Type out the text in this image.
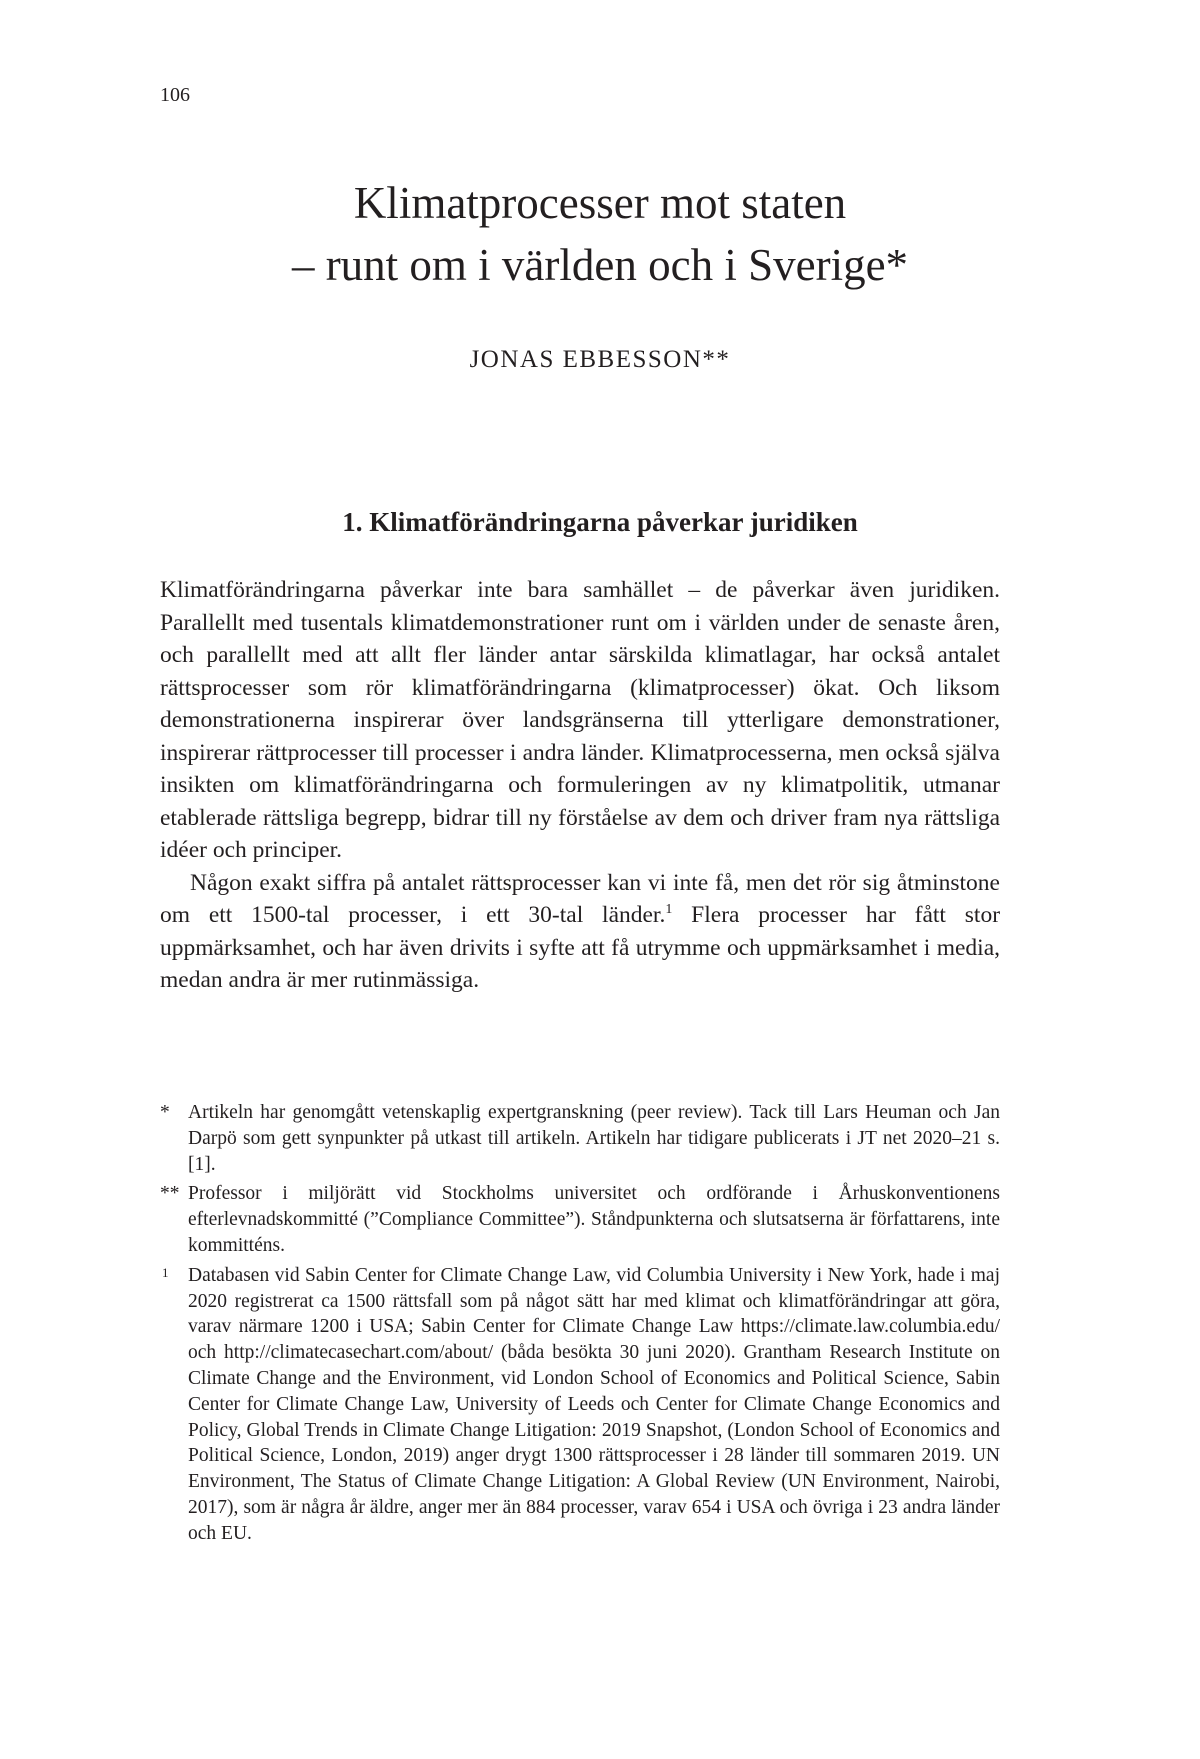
106
Klimatprocesser mot staten
– runt om i världen och i Sverige*
JONAS EBBESSON**
1. Klimatförändringarna påverkar juridiken

Klimatförändringarna påverkar inte bara samhället – de påverkar även juridiken. Parallellt med tusentals klimatdemonstrationer runt om i världen under de senaste åren, och parallellt med att allt fler länder antar särskilda klimatlagar, har också antalet rättsprocesser som rör klimatförändringarna (klimatprocesser) ökat. Och liksom demonstrationerna inspirerar över landsgränserna till ytterligare demonstrationer, inspirerar rättprocesser till processer i andra länder. Klimatprocesserna, men också själva insikten om klimatförändringarna och formuleringen av ny klimatpolitik, utmanar etablerade rättsliga begrepp, bidrar till ny förståelse av dem och driver fram nya rättsliga idéer och principer.

Någon exakt siffra på antalet rättsprocesser kan vi inte få, men det rör sig åtminstone om ett 1500-tal processer, i ett 30-tal länder.$^1$ Flera processer har fått stor uppmärksamhet, och har även drivits i syfte att få utrymme och uppmärksamhet i media, medan andra är mer rutinmässiga.

* Artikeln har genomgått vetenskaplig expertgranskning (peer review). Tack till Lars Heuman och Jan Darpö som gett synpunkter på utkast till artikeln. Artikeln har tidigare publicerats i JT net 2020–21 s. [1].
** Professor i miljörätt vid Stockholms universitet och ordförande i Århuskonventionens efterlevnadskommitté (”Compliance Committee”). Ståndpunkterna och slutsatserna är författarens, inte kommitténs.
1 Databasen vid Sabin Center for Climate Change Law, vid Columbia University i New York, hade i maj 2020 registrerat ca 1500 rättsfall som på något sätt har med klimat och klimatförändringar att göra, varav närmare 1200 i USA; Sabin Center for Climate Change Law https://climate.law.columbia.edu/ och http://climatecasechart.com/about/ (båda besökta 30 juni 2020). Grantham Research Institute on Climate Change and the Environment, vid London School of Economics and Political Science, Sabin Center for Climate Change Law, University of Leeds och Center for Climate Change Economics and Policy, Global Trends in Climate Change Litigation: 2019 Snapshot, (London School of Economics and Political Science, London, 2019) anger drygt 1300 rättsprocesser i 28 länder till sommaren 2019. UN Environment, The Status of Climate Change Litigation: A Global Review (UN Environment, Nairobi, 2017), som är några år äldre, anger mer än 884 processer, varav 654 i USA och övriga i 23 andra länder och EU.
